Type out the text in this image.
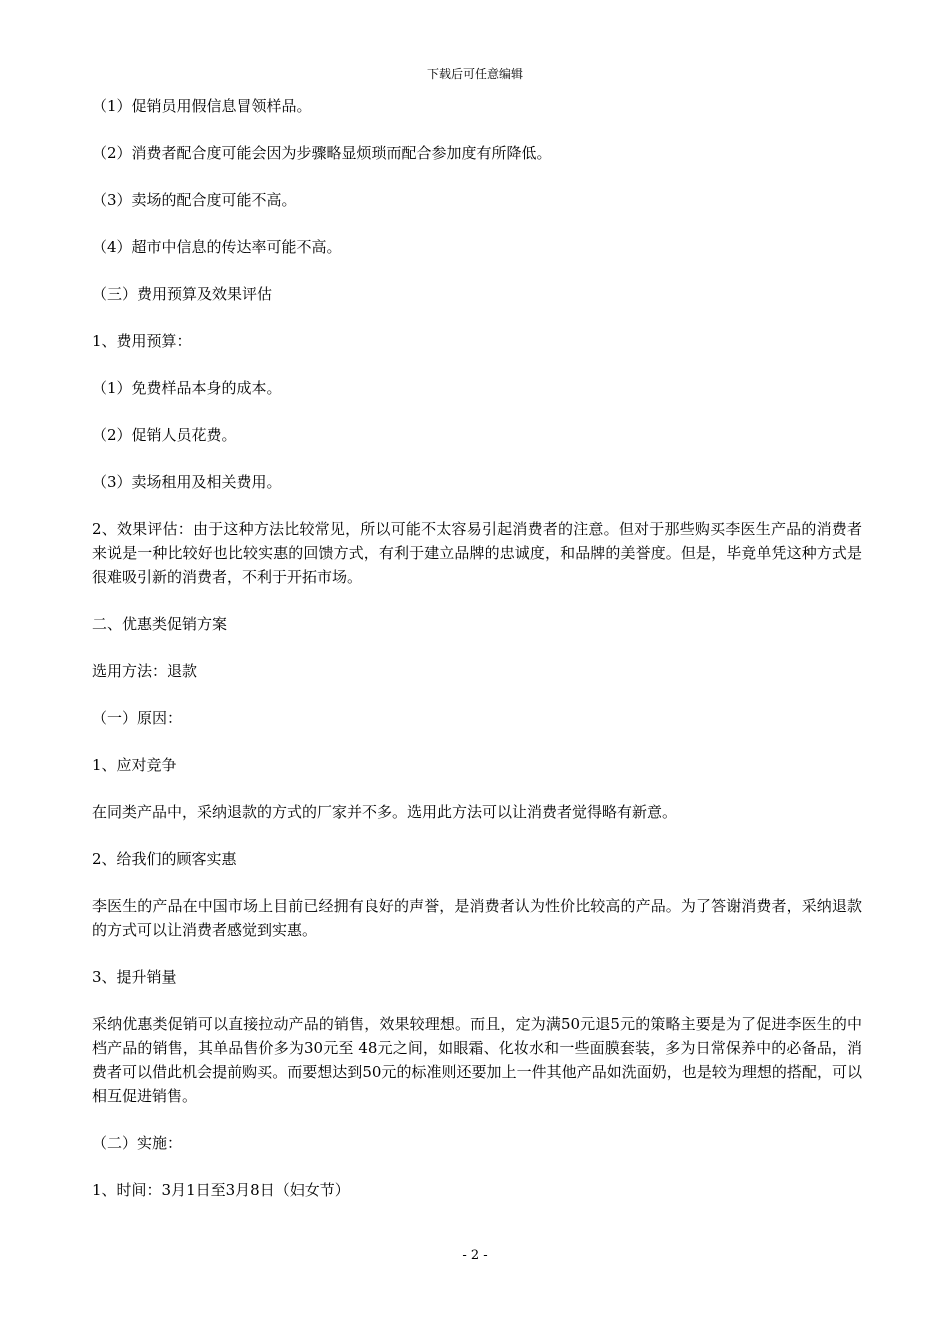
下载后可任意编辑

（1）促销员用假信息冒领样品。

（2）消费者配合度可能会因为步骤略显烦琐而配合参加度有所降低。

（3）卖场的配合度可能不高。

（4）超市中信息的传达率可能不高。

（三）费用预算及效果评估

1、费用预算：

（1）免费样品本身的成本。

（2）促销人员花费。

（3）卖场租用及相关费用。

2、效果评估：由于这种方法比较常见，所以可能不太容易引起消费者的注意。但对于那些购买李医生产品的消费者来说是一种比较好也比较实惠的回馈方式，有利于建立品牌的忠诚度，和品牌的美誉度。但是，毕竟单凭这种方式是很难吸引新的消费者，不利于开拓市场。

二、优惠类促销方案

选用方法：退款

（一）原因：

1、应对竞争

在同类产品中，采纳退款的方式的厂家并不多。选用此方法可以让消费者觉得略有新意。

2、给我们的顾客实惠

李医生的产品在中国市场上目前已经拥有良好的声誉，是消费者认为性价比较高的产品。为了答谢消费者，采纳退款的方式可以让消费者感觉到实惠。

3、提升销量

采纳优惠类促销可以直接拉动产品的销售，效果较理想。而且，定为满50元退5元的策略主要是为了促进李医生的中档产品的销售，其单品售价多为30元至 48元之间，如眼霜、化妆水和一些面膜套装，多为日常保养中的必备品，消费者可以借此机会提前购买。而要想达到50元的标准则还要加上一件其他产品如洗面奶，也是较为理想的搭配，可以相互促进销售。

（二）实施：

1、时间：3月1日至3月8日（妇女节）

- 2 -
